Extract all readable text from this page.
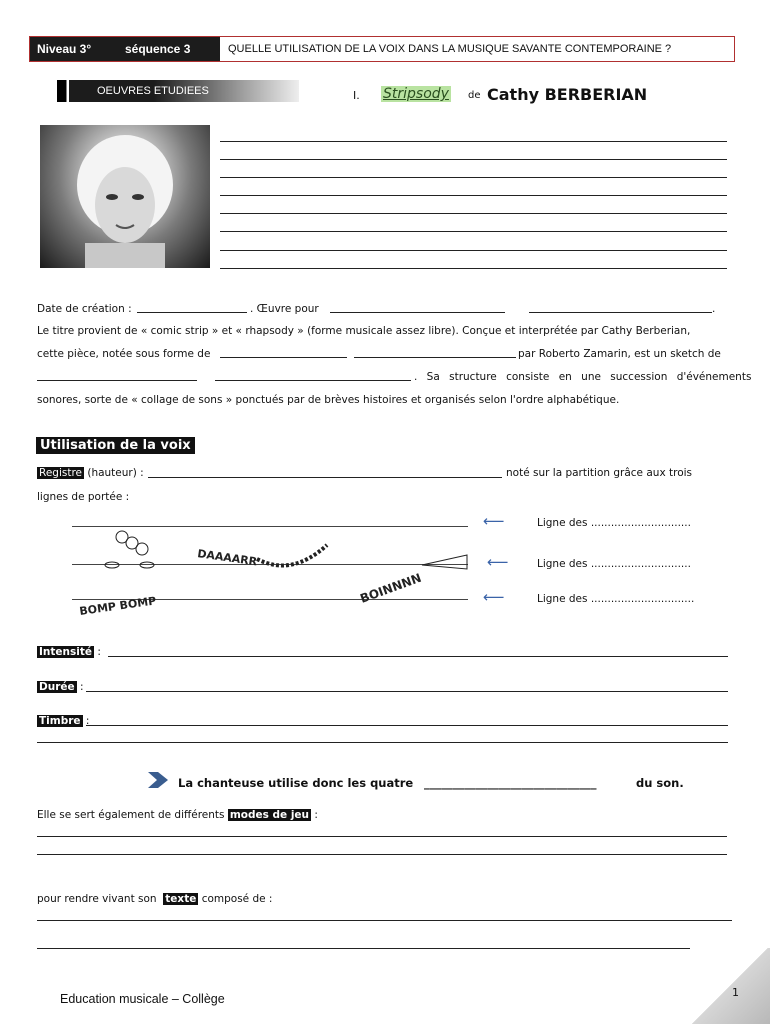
Niveau 3°	séquence 3	QUELLE UTILISATION DE LA VOIX DANS LA MUSIQUE SAVANTE CONTEMPORAINE ?
OEUVRES ETUDIEES	I. Stripsody de Cathy BERBERIAN
Date de création :	. Œuvre pour	.
Le titre provient de « comic strip » et « rhapsody » (forme musicale assez libre). Conçue et interprétée par Cathy Berberian,
cette pièce, notée sous forme de	par Roberto Zamarin, est un sketch de
. Sa structure consiste en une succession d'événements
sonores, sorte de « collage de sons » ponctués par de brèves histoires et organisés selon l'ordre alphabétique.
Utilisation de la voix
Registre (hauteur) :	noté sur la partition grâce aux trois
lignes de portée :
DAAAARR
BOINNNN
BOMP BOMP
⟵	Ligne des ..............................
⟵	Ligne des ..............................
⟵	Ligne des ...............................
Intensité :
Durée :
Timbre :
La chanteuse utilise donc les quatre ______________________________	du son.
Elle se sert également de différents modes de jeu :
pour rendre vivant son texte composé de :
Education musicale – Collège	1
